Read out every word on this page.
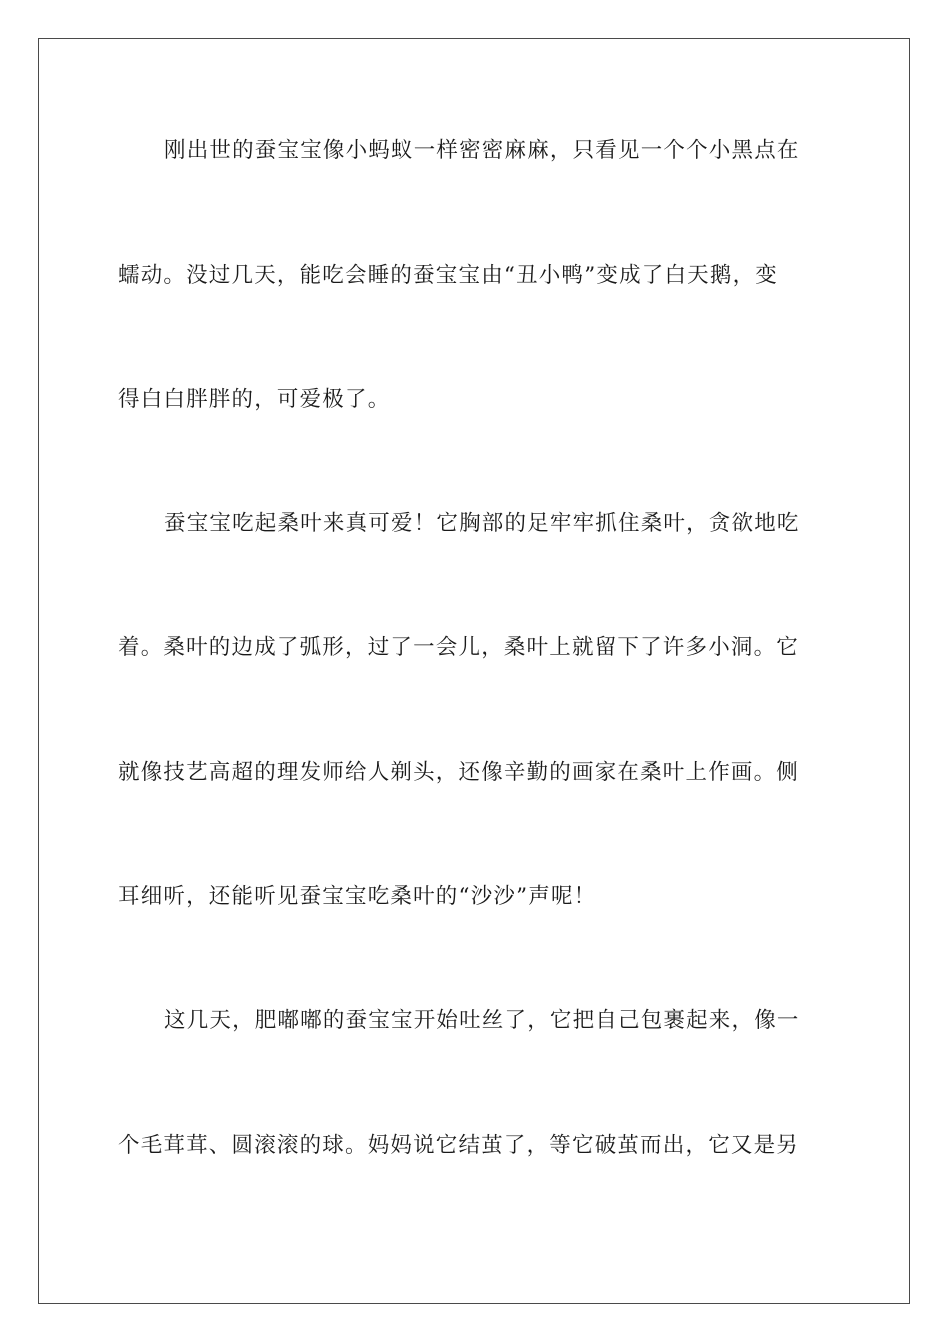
刚出世的蚕宝宝像小蚂蚁一样密密麻麻，只看见一个个小黑点在
蠕动。没过几天，能吃会睡的蚕宝宝由“丑小鸭”变成了白天鹅，变
得白白胖胖的，可爱极了。
蚕宝宝吃起桑叶来真可爱！它胸部的足牢牢抓住桑叶，贪欲地吃
着。桑叶的边成了弧形，过了一会儿，桑叶上就留下了许多小洞。它
就像技艺高超的理发师给人剃头，还像辛勤的画家在桑叶上作画。侧
耳细听，还能听见蚕宝宝吃桑叶的“沙沙”声呢！
这几天，肥嘟嘟的蚕宝宝开始吐丝了，它把自己包裹起来，像一
个毛茸茸、圆滚滚的球。妈妈说它结茧了，等它破茧而出，它又是另
